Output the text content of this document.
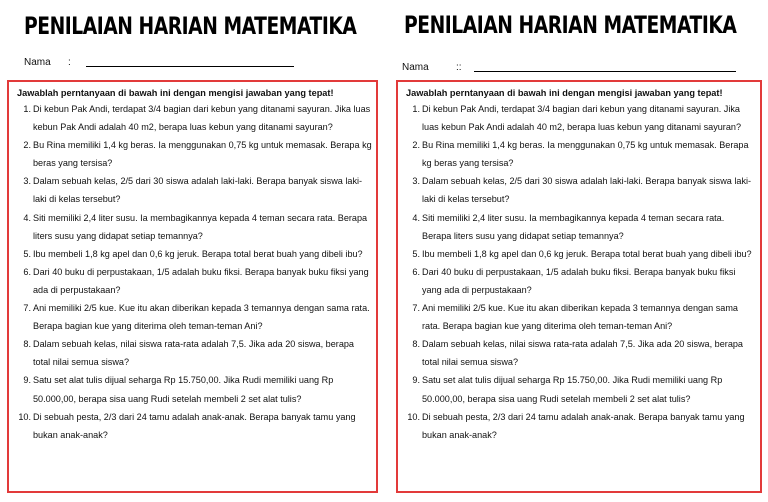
PENILAIAN HARIAN MATEMATIKA
Nama :

Jawablah perntanyaan di bawah ini dengan mengisi jawaban yang tepat!

1. Di kebun Pak Andi, terdapat 3/4 bagian dari kebun yang ditanami sayuran. Jika luas kebun Pak Andi adalah 40 m2, berapa luas kebun yang ditanami sayuran?
2. Bu Rina memiliki 1,4 kg beras. Ia menggunakan 0,75 kg untuk memasak. Berapa kg beras yang tersisa?
3. Dalam sebuah kelas, 2/5 dari 30 siswa adalah laki-laki. Berapa banyak siswa laki-laki di kelas tersebut?
4. Siti memiliki 2,4 liter susu. Ia membagikannya kepada 4 teman secara rata. Berapa liters susu yang didapat setiap temannya?
5. Ibu membeli 1,8 kg apel dan 0,6 kg jeruk. Berapa total berat buah yang dibeli ibu?
6. Dari 40 buku di perpustakaan, 1/5 adalah buku fiksi. Berapa banyak buku fiksi yang ada di perpustakaan?
7. Ani memiliki 2/5 kue. Kue itu akan diberikan kepada 3 temannya dengan sama rata. Berapa bagian kue yang diterima oleh teman-teman Ani?
8. Dalam sebuah kelas, nilai siswa rata-rata adalah 7,5. Jika ada 20 siswa, berapa total nilai semua siswa?
9. Satu set alat tulis dijual seharga Rp 15.750,00. Jika Rudi memiliki uang Rp 50.000,00, berapa sisa uang Rudi setelah membeli 2 set alat tulis?
10. Di sebuah pesta, 2/3 dari 24 tamu adalah anak-anak. Berapa banyak tamu yang bukan anak-anak?
PENILAIAN HARIAN MATEMATIKA
Nama	::

Jawablah perntanyaan di bawah ini dengan mengisi jawaban yang tepat!

1. Di kebun Pak Andi, terdapat 3/4 bagian dari kebun yang ditanami sayuran. Jika luas kebun Pak Andi adalah 40 m2, berapa luas kebun yang ditanami sayuran?
2. Bu Rina memiliki 1,4 kg beras. Ia menggunakan 0,75 kg untuk memasak. Berapa kg beras yang tersisa?
3. Dalam sebuah kelas, 2/5 dari 30 siswa adalah laki-laki. Berapa banyak siswa laki-laki di kelas tersebut?
4. Siti memiliki 2,4 liter susu. Ia membagikannya kepada 4 teman secara rata. Berapa liters susu yang didapat setiap temannya?
5. Ibu membeli 1,8 kg apel dan 0,6 kg jeruk. Berapa total berat buah yang dibeli ibu?
6. Dari 40 buku di perpustakaan, 1/5 adalah buku fiksi. Berapa banyak buku fiksi yang ada di perpustakaan?
7. Ani memiliki 2/5 kue. Kue itu akan diberikan kepada 3 temannya dengan sama rata. Berapa bagian kue yang diterima oleh teman-teman Ani?
8. Dalam sebuah kelas, nilai siswa rata-rata adalah 7,5. Jika ada 20 siswa, berapa total nilai semua siswa?
9. Satu set alat tulis dijual seharga Rp 15.750,00. Jika Rudi memiliki uang Rp 50.000,00, berapa sisa uang Rudi setelah membeli 2 set alat tulis?
10. Di sebuah pesta, 2/3 dari 24 tamu adalah anak-anak. Berapa banyak tamu yang bukan anak-anak?
